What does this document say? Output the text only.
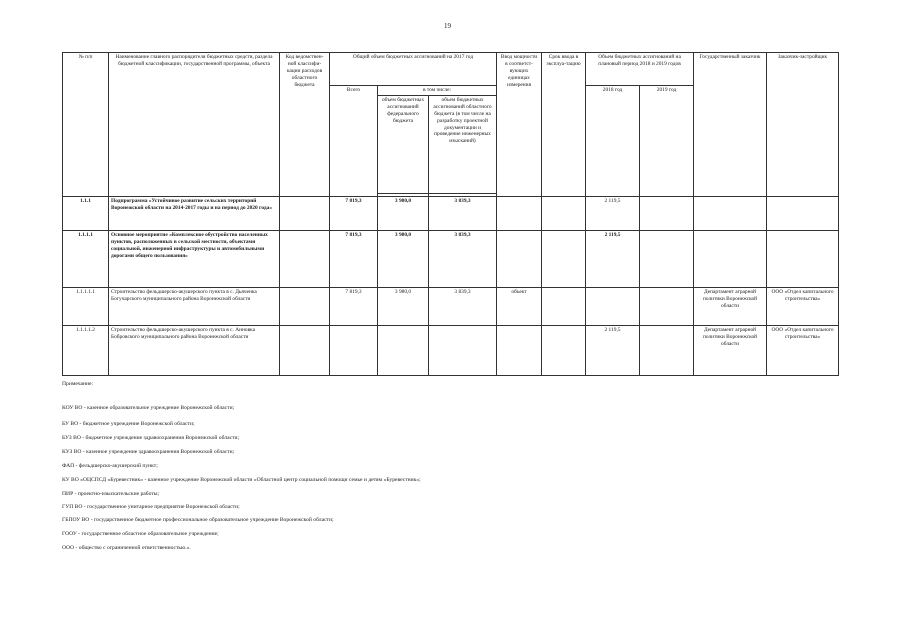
19
№ п/п	Наименование главного распорядителя бюджетных средств, раздела бюджетной классификации, государственной программы, объекта	Код ведомствен-ной классифи-кации расходов областного бюджета	Общий объем бюджетных ассигнований на 2017 год			Ввод мощности в соответст-вующих единицах измерения	Срок ввода в эксплуа-тацию	Объем бюджетных ассигнований на плановый период 2018 и 2019 годов		Государственный заказчик	Заказчик-застройщик
			Всего	в том числе:				2018 год	2019 год		
				объем бюджетных ассигнований федерального бюджета	объем бюджетных ассигнований областного бюджета (в том числе на разработку проектной документации и проведение инженерных изысканий)						

1.1.1	Подпрограмма «Устойчивое развитие сельских территорий Воронежской области на 2014-2017 годы и на период до 2020 года»		7 819,3	3 980,0	3 839,3			2 119,5			
1.1.1.1	Основное мероприятие «Комплексное обустройство населенных пунктов, расположенных в сельской местности, объектами социальной, инженерной инфраструктуры и автомобильными дорогами общего пользования»		7 819,3	3 980,0	3 839,3			2 119,5			
1.1.1.1.1	Строительство фельдшерско-акушерского пункта в с. Дьяченка Богучарского муниципального района Воронежской области		7 819,3	3 980,0	3 839,3	объект				Департамент аграрной политики Воронежской области	ООО «Отдел капитального строительства»
1.1.1.1.2	Строительство фельдшерско-акушерского пункта в с. Анновка Бобровского муниципального района Воронежской области							2 119,5		Департамент аграрной политики Воронежской области	ООО «Отдел капитального строительства»
Примечание:
КОУ ВО - казенное образовательное учреждение Воронежской области;
БУ ВО - бюджетное учреждение Воронежской области;
БУЗ ВО - бюджетное учреждение здравоохранения Воронежской области;
КУЗ ВО - казенное учреждение здравоохранения Воронежской области;
ФАП - фельдшерско-акушерский пункт;
КУ ВО «ОЦСПСД «Буревестник» - казенное учреждение Воронежской области «Областной центр социальной помощи семье и детям «Буревестник»;
ПИР - проектно-изыскательские работы;
ГУП ВО - государственное унитарное предприятие Воронежской области;
ГБПОУ ВО - государственное бюджетное профессиональное образовательное учреждение Воронежской области;
ГООУ - государственное областное образовательное учреждение;
ООО - общество с ограниченной ответственностью.».
